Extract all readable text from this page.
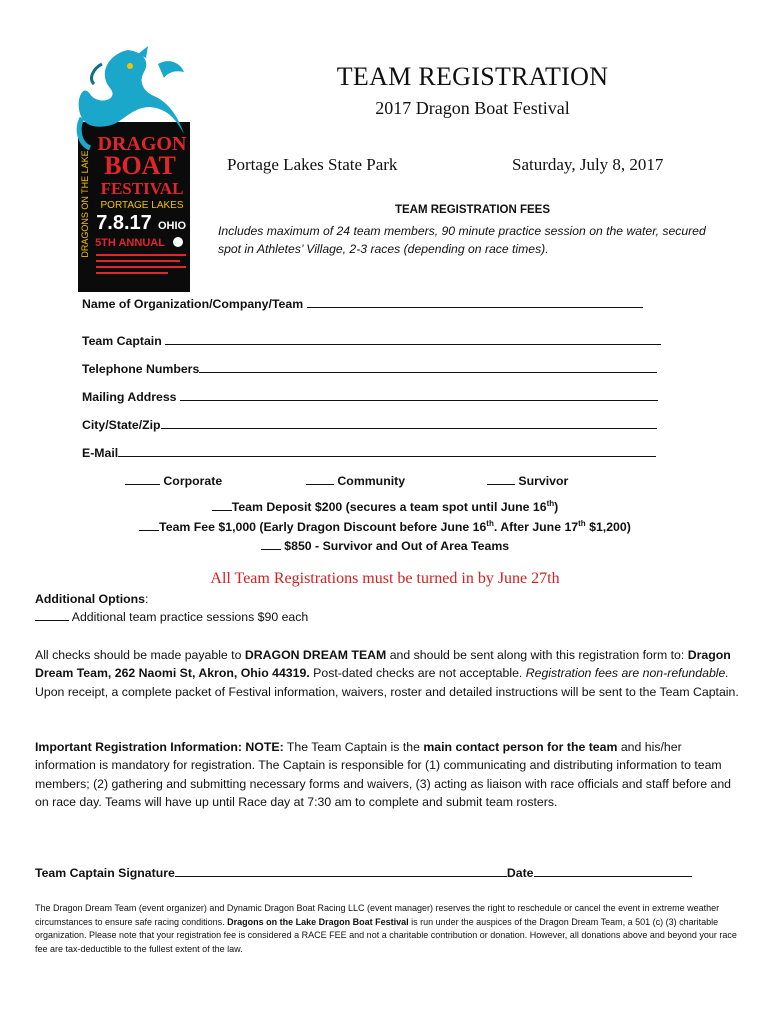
DRAGONS ON THE LAKE
DRAGON
BOAT
FESTIVAL
PORTAGE LAKES
7.8.17 OHIO
5TH ANNUAL
TEAM REGISTRATION
2017 Dragon Boat Festival
Portage Lakes State Park	Saturday, July 8, 2017
TEAM REGISTRATION FEES
Includes maximum of 24 team members, 90 minute practice session on the water, secured spot in Athletes’ Village, 2-3 races (depending on race times).
Name of Organization/Company/Team
Team Captain
Telephone Numbers
Mailing Address
City/State/Zip
E-Mail
Corporate	Community	Survivor
Team Deposit $200 (secures a team spot until June 16th)
Team Fee $1,000 (Early Dragon Discount before June 16th. After June 17th $1,200)
$850 - Survivor and Out of Area Teams
All Team Registrations must be turned in by June 27th
Additional Options:
Additional team practice sessions $90 each
All checks should be made payable to DRAGON DREAM TEAM and should be sent along with this registration form to: Dragon Dream Team, 262 Naomi St, Akron, Ohio 44319. Post-dated checks are not acceptable. Registration fees are non-refundable. Upon receipt, a complete packet of Festival information, waivers, roster and detailed instructions will be sent to the Team Captain.
Important Registration Information: NOTE: The Team Captain is the main contact person for the team and his/her information is mandatory for registration. The Captain is responsible for (1) communicating and distributing information to team members; (2) gathering and submitting necessary forms and waivers, (3) acting as liaison with race officials and staff before and on race day. Teams will have up until Race day at 7:30 am to complete and submit team rosters.
Team Captain Signature	Date
The Dragon Dream Team (event organizer) and Dynamic Dragon Boat Racing LLC (event manager) reserves the right to reschedule or cancel the event in extreme weather circumstances to ensure safe racing conditions. Dragons on the Lake Dragon Boat Festival is run under the auspices of the Dragon Dream Team, a 501 (c) (3) charitable organization. Please note that your registration fee is considered a RACE FEE and not a charitable contribution or donation. However, all donations above and beyond your race fee are tax-deductible to the fullest extent of the law.
